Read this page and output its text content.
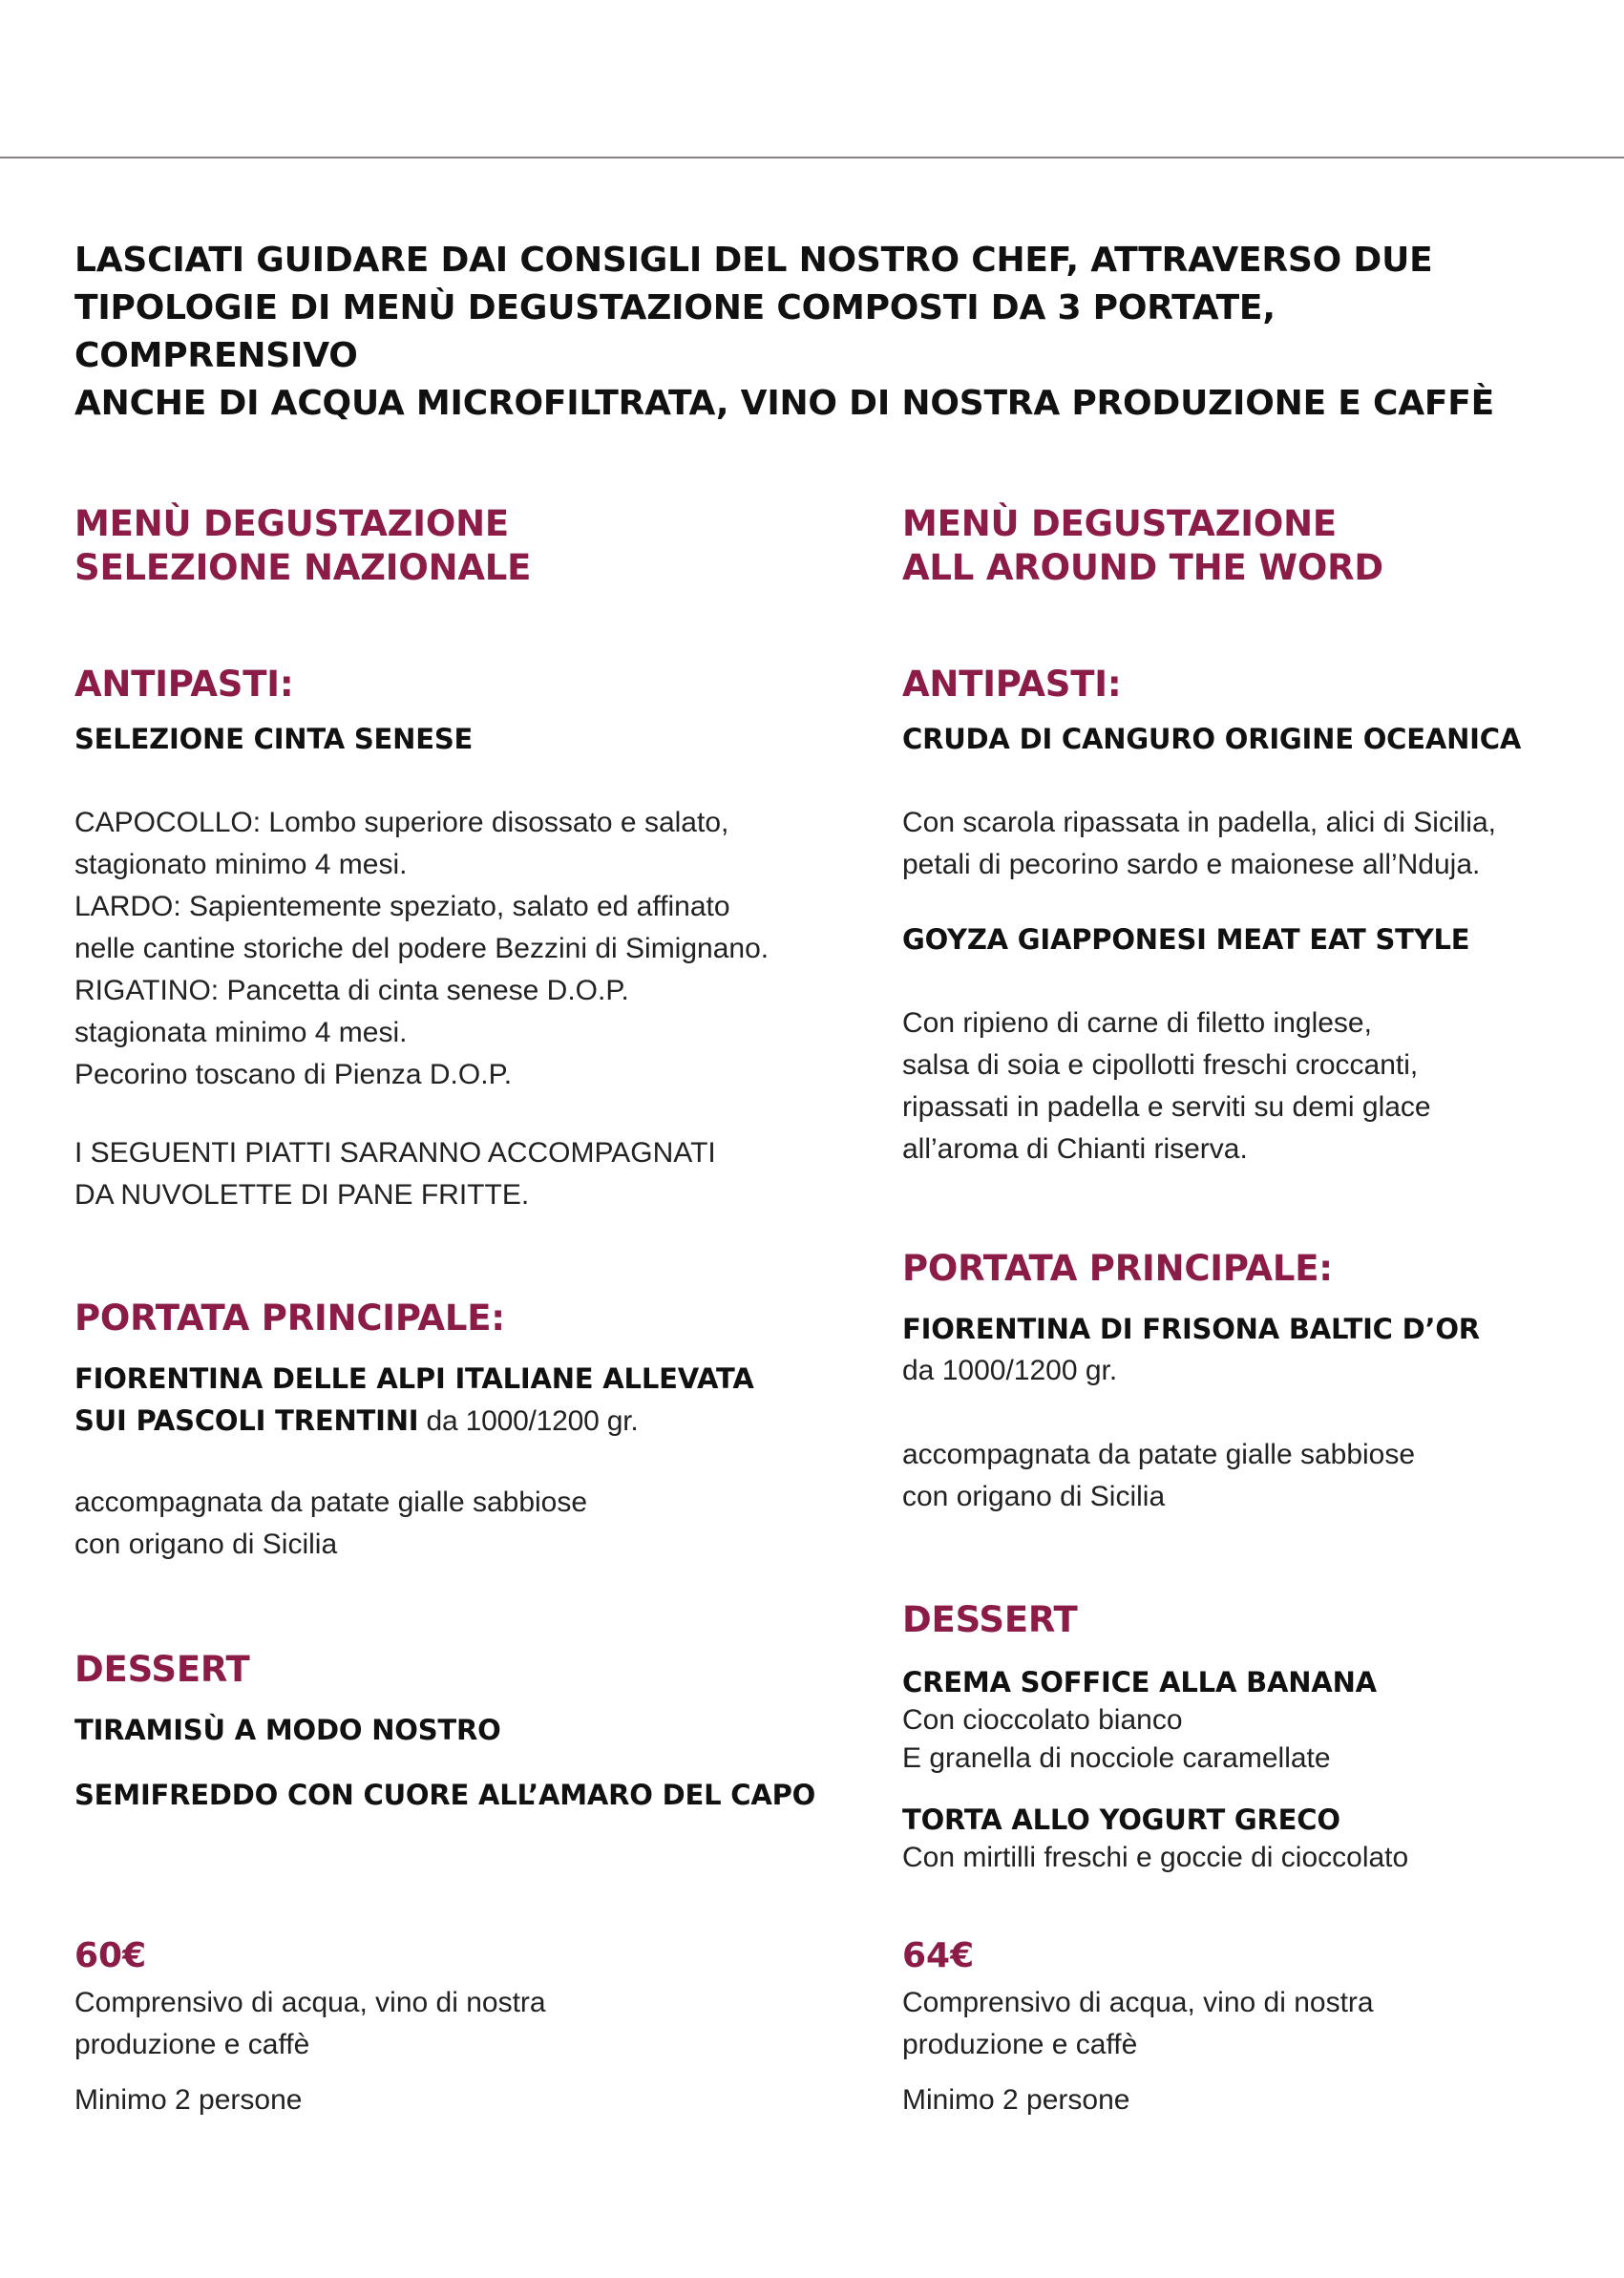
LASCIATI GUIDARE DAI CONSIGLI DEL NOSTRO CHEF, ATTRAVERSO DUE
TIPOLOGIE DI MENÙ DEGUSTAZIONE COMPOSTI DA 3 PORTATE, COMPRENSIVO
ANCHE DI ACQUA MICROFILTRATA, VINO DI NOSTRA PRODUZIONE E CAFFÈ

MENÙ DEGUSTAZIONE
SELEZIONE NAZIONALE
ANTIPASTI:

SELEZIONE CINTA SENESE

CAPOCOLLO: Lombo superiore disossato e salato,
stagionato minimo 4 mesi.
LARDO: Sapientemente speziato, salato ed affinato
nelle cantine storiche del podere Bezzini di Simignano.
RIGATINO: Pancetta di cinta senese D.O.P.
stagionata minimo 4 mesi.
Pecorino toscano di Pienza D.O.P.

I SEGUENTI PIATTI SARANNO ACCOMPAGNATI
DA NUVOLETTE DI PANE FRITTE.

PORTATA PRINCIPALE:

FIORENTINA DELLE ALPI ITALIANE ALLEVATA
SUI PASCOLI TRENTINI da 1000/1200 gr.

accompagnata da patate gialle sabbiose
con origano di Sicilia

DESSERT

TIRAMISÙ A MODO NOSTRO

SEMIFREDDO CON CUORE ALL’AMARO DEL CAPO

60€

Comprensivo di acqua, vino di nostra
produzione e caffè

Minimo 2 persone

MENÙ DEGUSTAZIONE
ALL AROUND THE WORD
ANTIPASTI:

CRUDA DI CANGURO ORIGINE OCEANICA

Con scarola ripassata in padella, alici di Sicilia,
petali di pecorino sardo e maionese all’Nduja.

GOYZA GIAPPONESI MEAT EAT STYLE

Con ripieno di carne di filetto inglese,
salsa di soia e cipollotti freschi croccanti,
ripassati in padella e serviti su demi glace
all’aroma di Chianti riserva.

PORTATA PRINCIPALE:

FIORENTINA DI FRISONA BALTIC D’OR

da 1000/1200 gr.

accompagnata da patate gialle sabbiose
con origano di Sicilia

DESSERT

CREMA SOFFICE ALLA BANANA

Con cioccolato bianco
E granella di nocciole caramellate

TORTA ALLO YOGURT GRECO

Con mirtilli freschi e goccie di cioccolato

64€

Comprensivo di acqua, vino di nostra
produzione e caffè

Minimo 2 persone
